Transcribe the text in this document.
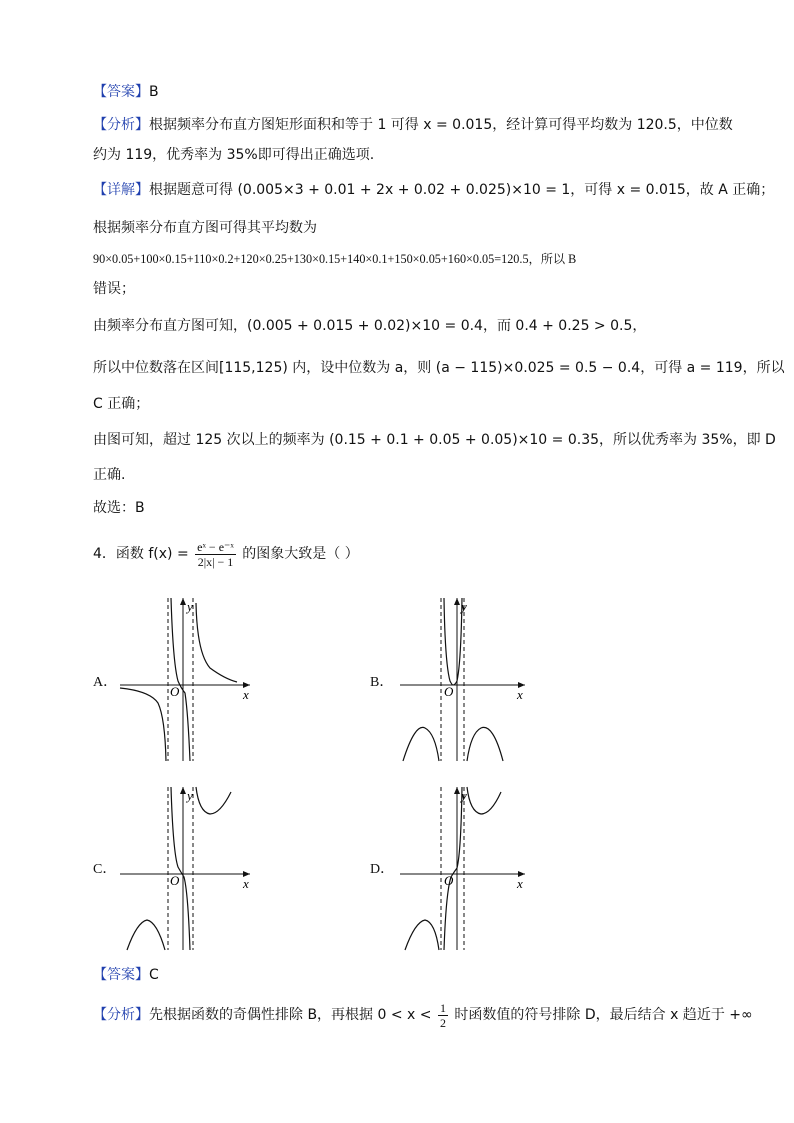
【答案】B
【分析】根据频率分布直方图矩形面积和等于 1 可得 x = 0.015，经计算可得平均数为 120.5，中位数
约为 119，优秀率为 35%即可得出正确选项.
【详解】根据题意可得 (0.005×3 + 0.01 + 2x + 0.02 + 0.025)×10 = 1，可得 x = 0.015，故 A 正确；
根据频率分布直方图可得其平均数为
90×0.05+100×0.15+110×0.2+120×0.25+130×0.15+140×0.1+150×0.05+160×0.05=120.5，所以 B
错误；
由频率分布直方图可知，(0.005 + 0.015 + 0.02)×10 = 0.4，而 0.4 + 0.25 > 0.5，
所以中位数落在区间[115,125) 内，设中位数为 a，则 (a − 115)×0.025 = 0.5 − 0.4，可得 a = 119，所以
C 正确；
由图可知，超过 125 次以上的频率为 (0.15 + 0.1 + 0.05 + 0.05)×10 = 0.35，所以优秀率为 35%，即 D
正确.
故选：B
4．函数 $f(x) = \frac{\text{eˣ − e⁻ˣ}}{2|x| - 1}$ 的图象大致是（ ）
A．
O	x
y
B．
O	x
y
C．
O	x
y
D．
O	x
y
【答案】C
【分析】先根据函数的奇偶性排除 B，再根据 $0 < x < \frac{1}{2}$ 时函数值的符号排除 D，最后结合 x 趋近于 +∞
